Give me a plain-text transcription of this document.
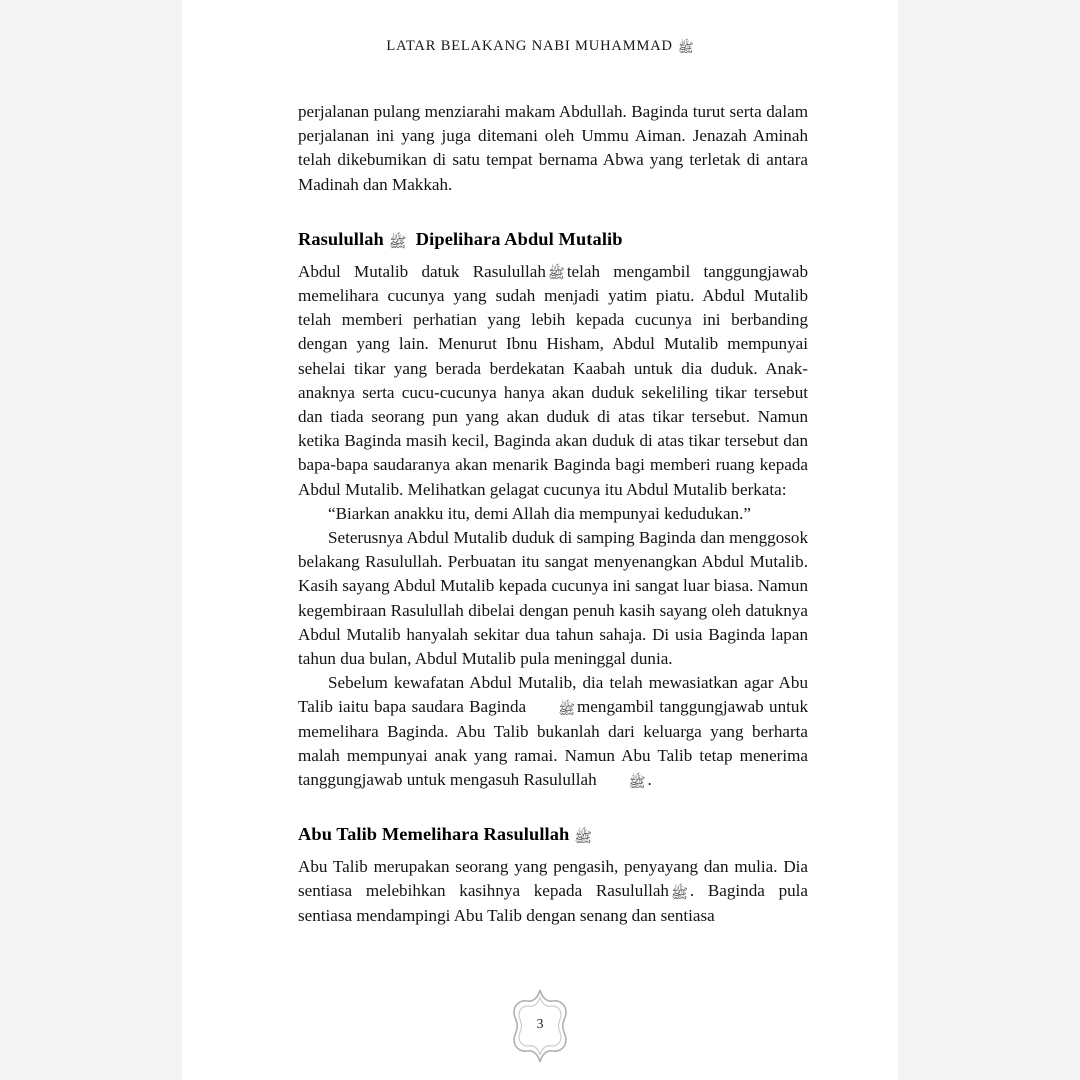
LATAR BELAKANG NABI MUHAMMAD ﷺ

perjalanan pulang menziarahi makam Abdullah. Baginda turut serta dalam perjalanan ini yang juga ditemani oleh Ummu Aiman. Jenazah Aminah telah dikebumikan di satu tempat bernama Abwa yang terletak di antara Madinah dan Makkah.

Rasulullah ﷺ Dipelihara Abdul Mutalib

Abdul Mutalib datuk Rasulullah ﷺ telah mengambil tanggungjawab memelihara cucunya yang sudah menjadi yatim piatu. Abdul Mutalib telah memberi perhatian yang lebih kepada cucunya ini berbanding dengan yang lain. Menurut Ibnu Hisham, Abdul Mutalib mempunyai sehelai tikar yang berada berdekatan Kaabah untuk dia duduk. Anak-anaknya serta cucu-cucunya hanya akan duduk sekeliling tikar tersebut dan tiada seorang pun yang akan duduk di atas tikar tersebut. Namun ketika Baginda masih kecil, Baginda akan duduk di atas tikar tersebut dan bapa-bapa saudaranya akan menarik Baginda bagi memberi ruang kepada Abdul Mutalib. Melihatkan gelagat cucunya itu Abdul Mutalib berkata:

“Biarkan anakku itu, demi Allah dia mempunyai kedudukan.”

Seterusnya Abdul Mutalib duduk di samping Baginda dan menggosok belakang Rasulullah. Perbuatan itu sangat menyenangkan Abdul Mutalib. Kasih sayang Abdul Mutalib kepada cucunya ini sangat luar biasa. Namun kegembiraan Rasulullah dibelai dengan penuh kasih sayang oleh datuknya Abdul Mutalib hanyalah sekitar dua tahun sahaja. Di usia Baginda lapan tahun dua bulan, Abdul Mutalib pula meninggal dunia.

Sebelum kewafatan Abdul Mutalib, dia telah mewasiatkan agar Abu Talib iaitu bapa saudara Baginda ﷺ mengambil tanggungjawab untuk memelihara Baginda. Abu Talib bukanlah dari keluarga yang berharta malah mempunyai anak yang ramai. Namun Abu Talib tetap menerima tanggungjawab untuk mengasuh Rasulullah ﷺ .

Abu Talib Memelihara Rasulullah ﷺ

Abu Talib merupakan seorang yang pengasih, penyayang dan mulia. Dia sentiasa melebihkan kasihnya kepada Rasulullah ﷺ . Baginda pula sentiasa mendampingi Abu Talib dengan senang dan sentiasa

3
